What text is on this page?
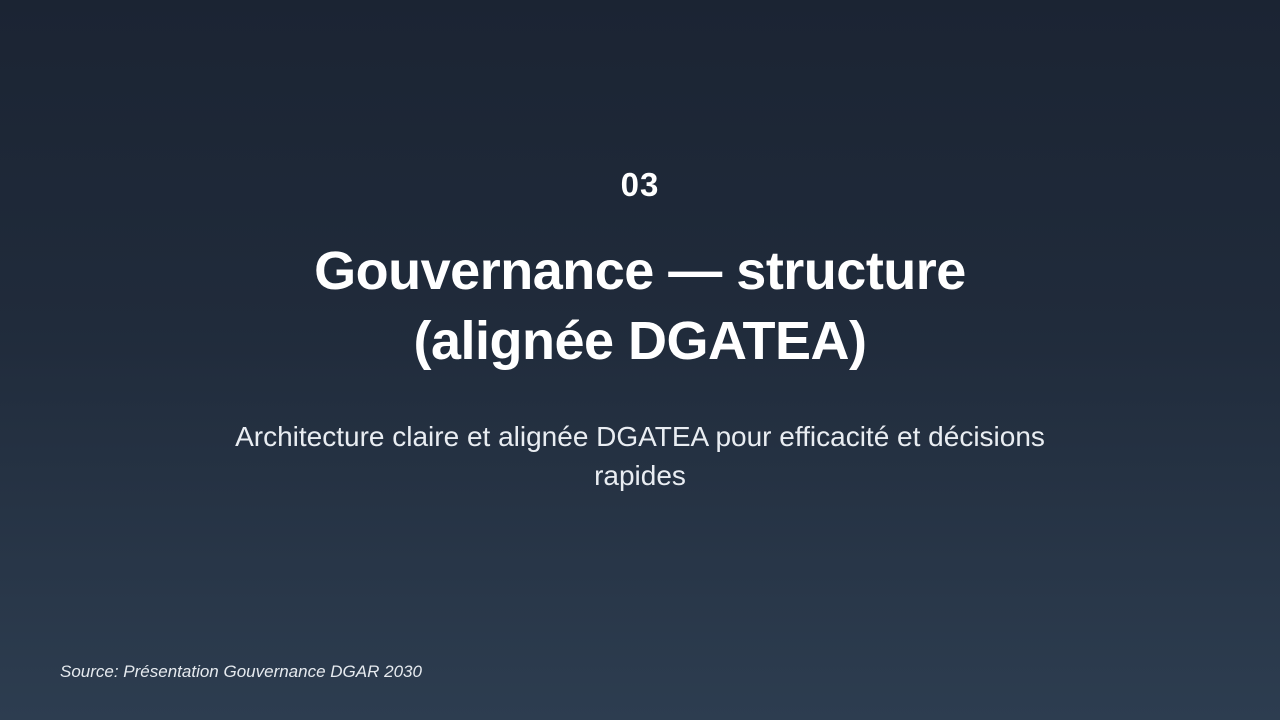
03
Gouvernance — structure
(alignée DGATEA)
Architecture claire et alignée DGATEA pour efficacité et décisions rapides
Source: Présentation Gouvernance DGAR 2030
